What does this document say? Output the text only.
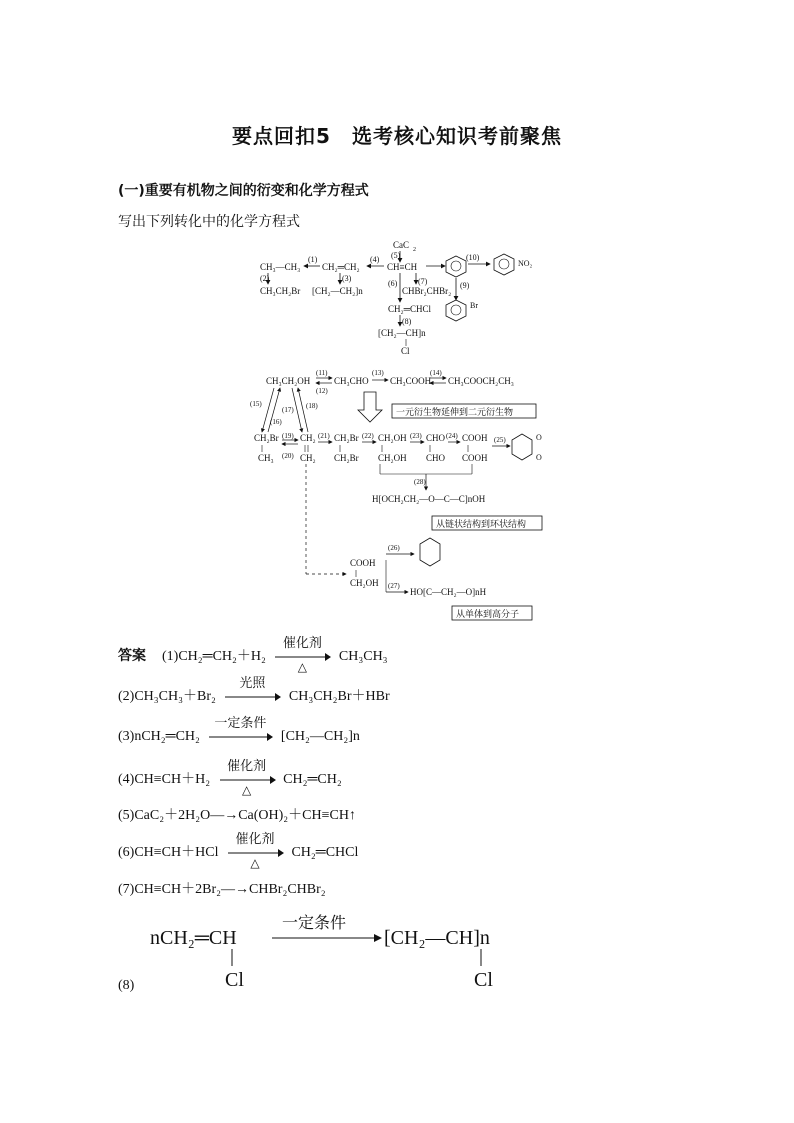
要点回扣5　选考核心知识考前聚焦
(一)重要有机物之间的衍变和化学方程式
写出下列转化中的化学方程式
CaC 2
(5)
CH₃—CH₃
(1)
CH₂═CH₂
(4)
CH≡CH
(2)	(3)
CH₃CH₂Br [CH₂—CH₂]n
(7)
(6)
CHBr₂CHBr₂
(10)
NO₂
(9)
Br
CH₂═CHCl
(8)
[CH₂—CH]n
Cl
CH₃CH₂OH
(11)
(12)
CH₃CHO
(13)
CH₃COOH
(14)
CH₃COOCH₂CH₃
(15)
(16)
(17) (18)
一元衍生物延伸到二元衍生物
CH₂Br
CH₃
(19)
(20)
CH₂
CH₂
(21) CH₂Br
CH₂Br
(22) CH₂OH
CH₂OH
(23) CHO
CHO
(24) COOH
COOH
(25)	O
O
(28)
H[OCH₂CH₂—O—C—C]nOH
从链状结构到环状结构
COOH
CH₂OH
(26)
(27)
HO[C—CH₂—O]nH
从单体到高分子
答案 (1)CH₂═CH₂＋H₂
催化剂
△
CH₃CH₃
(2)CH₃CH₃＋Br₂
光照
CH₃CH₂Br＋HBr
(3)nCH₂═CH₂
一定条件
[CH₂—CH₂]n
(4)CH≡CH＋H₂
催化剂
△
CH₂═CH₂
(5)CaC₂＋2H₂O—→Ca(OH)₂＋CH≡CH↑
(6)CH≡CH＋HCl
催化剂
△
CH₂═CHCl
(7)CH≡CH＋2Br₂—→CHBr₂CHBr₂
(8)
nCH₂═CH
Cl
一定条件
[CH₂—CH]n
Cl
